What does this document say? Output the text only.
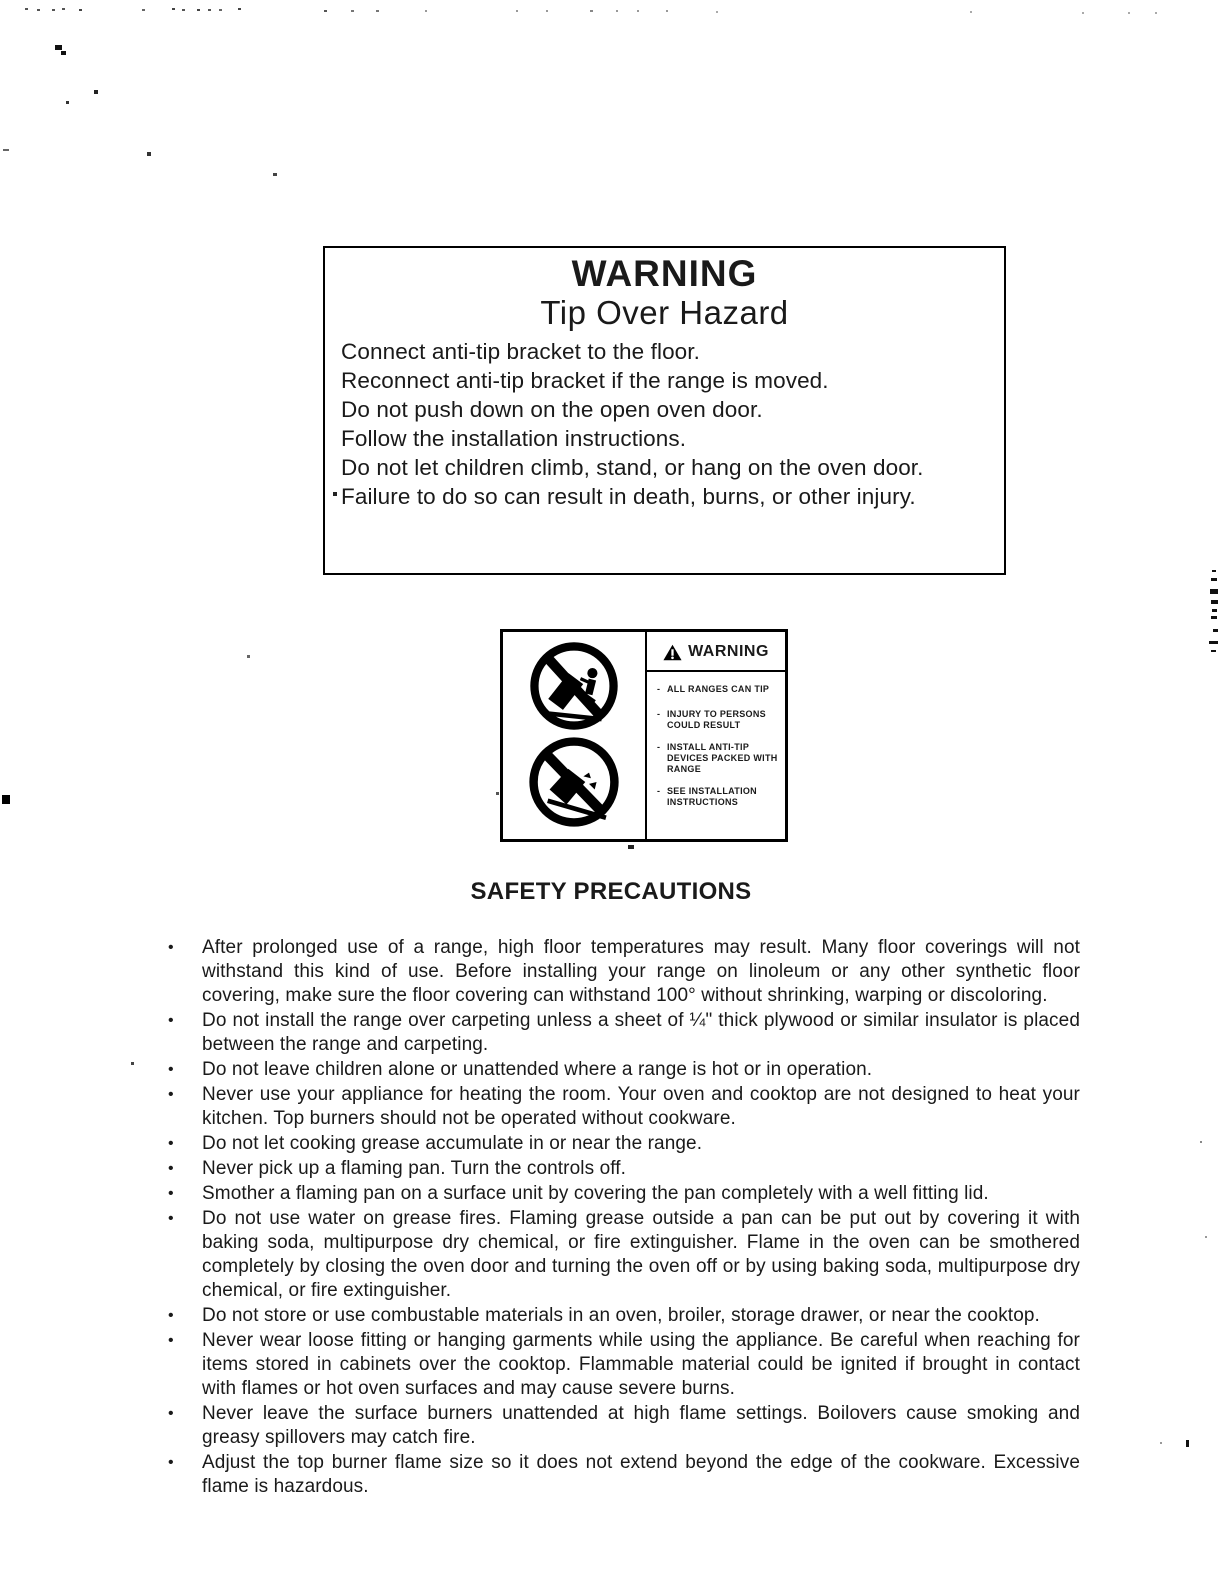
WARNING
Tip Over Hazard
Connect anti-tip bracket to the floor.
Reconnect anti-tip bracket if the range is moved.
Do not push down on the open oven door.
Follow the installation instructions.
Do not let children climb, stand, or hang on the oven door.
Failure to do so can result in death, burns, or other injury.
WARNING
- ALL RANGES CAN TIP
- INJURY TO PERSONS COULD RESULT
- INSTALL ANTI-TIP DEVICES PACKED WITH RANGE
- SEE INSTALLATION INSTRUCTIONS
SAFETY PRECAUTIONS
•	After prolonged use of a range, high floor temperatures may result. Many floor coverings will not withstand this kind of use. Before installing your range on linoleum or any other synthetic floor covering, make sure the floor covering can withstand 100° without shrinking, warping or discoloring.
•	Do not install the range over carpeting unless a sheet of ¼" thick plywood or similar insulator is placed between the range and carpeting.
•	Do not leave children alone or unattended where a range is hot or in operation.
•	Never use your appliance for heating the room. Your oven and cooktop are not designed to heat your kitchen. Top burners should not be operated without cookware.
•	Do not let cooking grease accumulate in or near the range.
•	Never pick up a flaming pan. Turn the controls off.
•	Smother a flaming pan on a surface unit by covering the pan completely with a well fitting lid.
•	Do not use water on grease fires. Flaming grease outside a pan can be put out by covering it with baking soda, multipurpose dry chemical, or fire extinguisher. Flame in the oven can be smothered completely by closing the oven door and turning the oven off or by using baking soda, multipurpose dry chemical, or fire extinguisher.
•	Do not store or use combustable materials in an oven, broiler, storage drawer, or near the cooktop.
•	Never wear loose fitting or hanging garments while using the appliance. Be careful when reaching for items stored in cabinets over the cooktop. Flammable material could be ignited if brought in contact with flames or hot oven surfaces and may cause severe burns.
•	Never leave the surface burners unattended at high flame settings. Boilovers cause smoking and greasy spillovers may catch fire.
•	Adjust the top burner flame size so it does not extend beyond the edge of the cookware. Excessive flame is hazardous.
